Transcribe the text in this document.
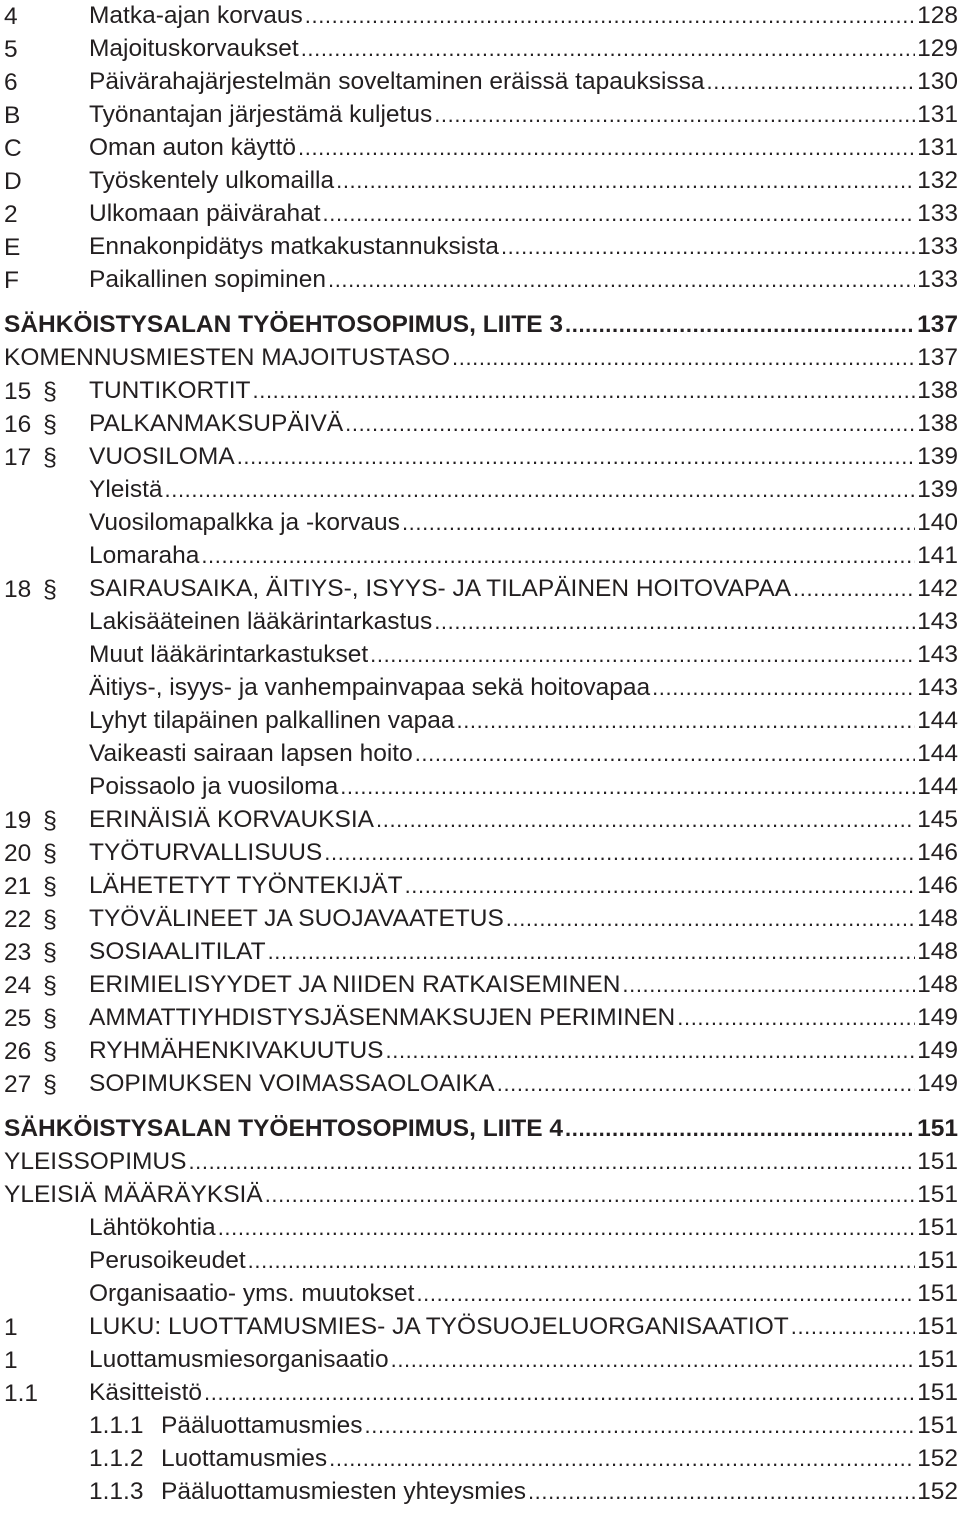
4	Matka-ajan korvaus .....	128
5	Majoituskorvaukset .....	129
6	Päivärahajärjestelmän soveltaminen eräissä tapauksissa .....	130
B	Työnantajan järjestämä kuljetus .....	131
C	Oman auton käyttö .....	131
D	Työskentely ulkomailla .....	132
2	Ulkomaan päivärahat .....	133
E	Ennakonpidätys matkakustannuksista .....	133
F	Paikallinen sopiminen .....	133
SÄHKÖISTYSALAN TYÖEHTOSOPIMUS, LIITE 3 .....	137
KOMENNUSMIESTEN MAJOITUSTASO .....	137
15 § TUNTIKORTIT .....	138
16 § PALKANMAKSUPÄIVÄ .....	138
17 § VUOSILOMA .....	139
Yleistä .....	139
Vuosilomapalkka ja -korvaus .....	140
Lomaraha .....	141
18 § SAIRAUSAIKA, ÄITIYS-, ISYYS- JA TILAPÄINEN HOITOVAPAA .....	142
Lakisääteinen lääkärintarkastus .....	143
Muut lääkärintarkastukset .....	143
Äitiys-, isyys- ja vanhempainvapaa sekä hoitovapaa .....	143
Lyhyt tilapäinen palkallinen vapaa .....	144
Vaikeasti sairaan lapsen hoito .....	144
Poissaolo ja vuosiloma .....	144
19 § ERINÄISIÄ KORVAUKSIA .....	145
20 § TYÖTURVALLISUUS .....	146
21 § LÄHETETYT TYÖNTEKIJÄT .....	146
22 § TYÖVÄLINEET JA SUOJAVAATETUS .....	148
23 § SOSIAALITILAT .....	148
24 § ERIMIELISYYDET JA NIIDEN RATKAISEMINEN .....	148
25 § AMMATTIYHDISTYSJÄSENMAKSUJEN PERIMINEN .....	149
26 § RYHMÄHENKIVAKUUTUS .....	149
27 § SOPIMUKSEN VOIMASSAOLOAIKA .....	149
SÄHKÖISTYSALAN TYÖEHTOSOPIMUS, LIITE 4 .....	151
YLEISSOPIMUS .....	151
YLEISIÄ MÄÄRÄYKSIÄ .....	151
Lähtökohtia .....	151
Perusoikeudet .....	151
Organisaatio- yms. muutokset .....	151
1	LUKU: LUOTTAMUSMIES- JA TYÖSUOJELUORGANISAATIOT .....	151
1	Luottamusmiesorganisaatio .....	151
1.1 Käsitteistö .....	151
1.1.1 Pääluottamusmies .....	151
1.1.2 Luottamusmies .....	152
1.1.3 Pääluottamusmiesten yhteysmies .....	152
